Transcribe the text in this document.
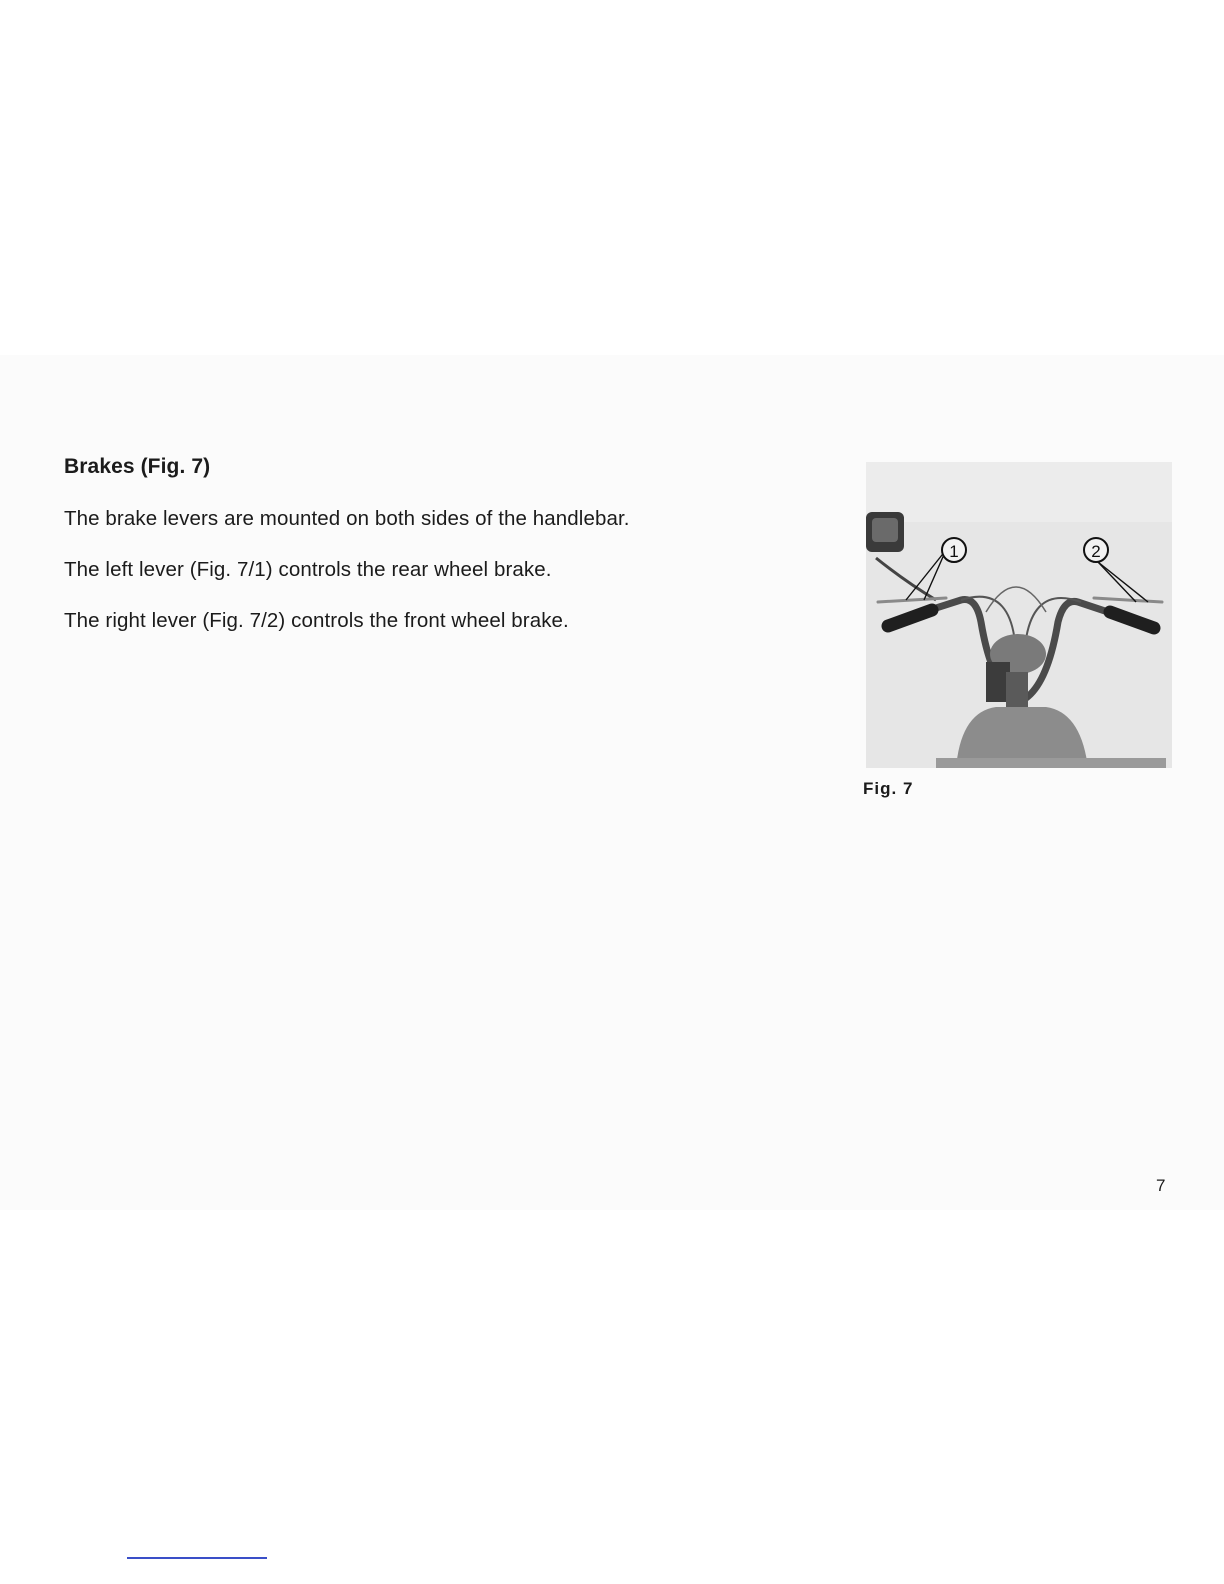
Brakes (Fig. 7)
The brake levers are mounted on both sides of the handlebar.
The left lever (Fig. 7/1) controls the rear wheel brake.
The right lever (Fig. 7/2) controls the front wheel brake.
1	2
Fig. 7
7
